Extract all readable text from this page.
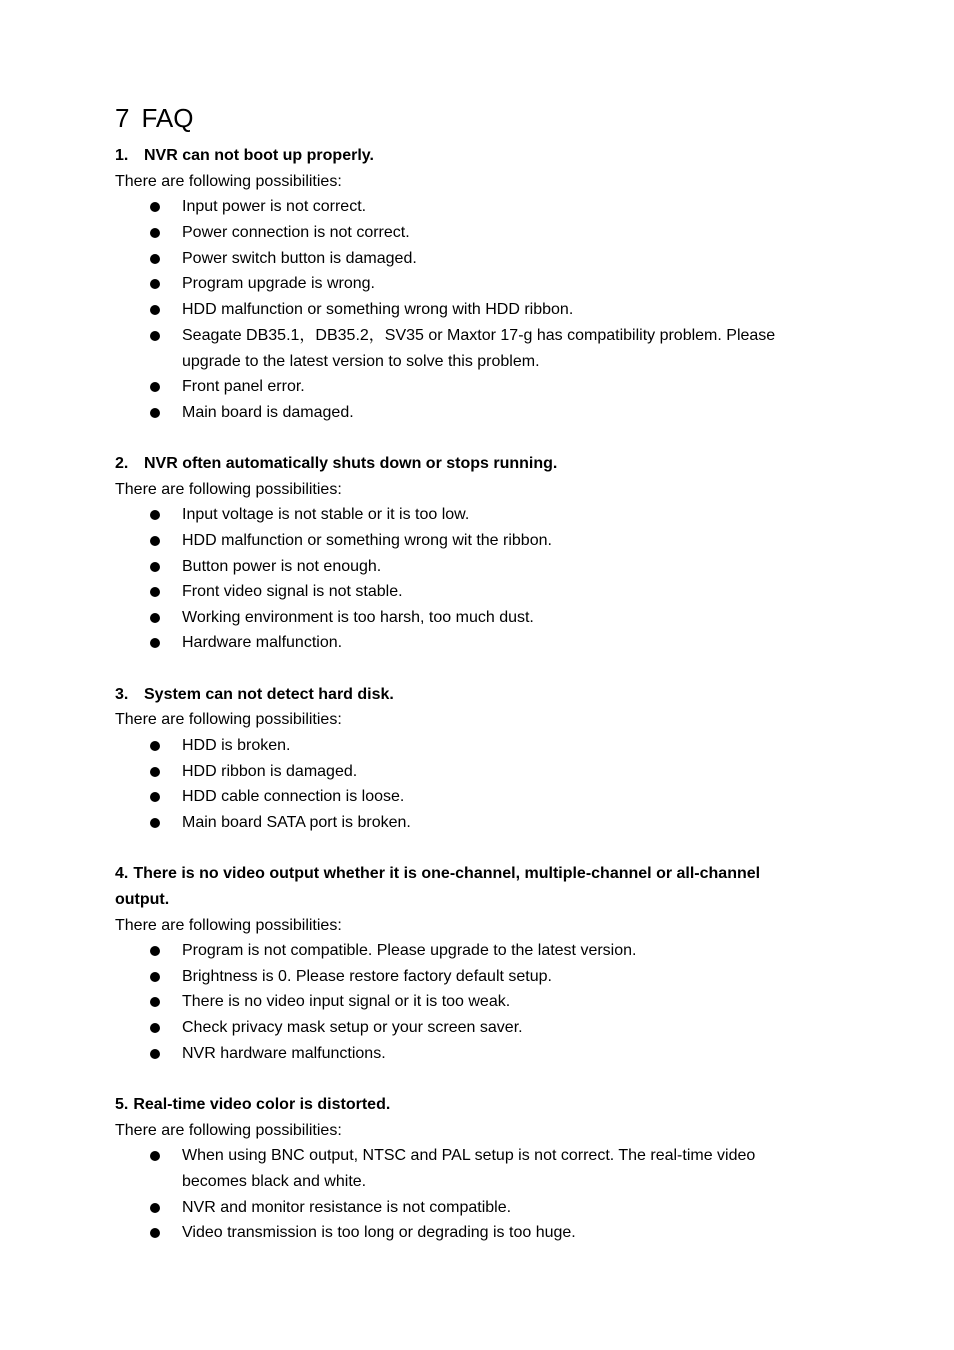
7 FAQ

1. NVR can not boot up properly.

There are following possibilities:

Input power is not correct.

Power connection is not correct.

Power switch button is damaged.

Program upgrade is wrong.

HDD malfunction or something wrong with HDD ribbon.

Seagate DB35.1，DB35.2，SV35 or Maxtor 17-g has compatibility problem. Please upgrade to the latest version to solve this problem.

Front panel error.

Main board is damaged.

2. NVR often automatically shuts down or stops running.

There are following possibilities:

Input voltage is not stable or it is too low.

HDD malfunction or something wrong wit the ribbon.

Button power is not enough.

Front video signal is not stable.

Working environment is too harsh, too much dust.

Hardware malfunction.

3. System can not detect hard disk.

There are following possibilities:

HDD is broken.

HDD ribbon is damaged.

HDD cable connection is loose.

Main board SATA port is broken.

4. There is no video output whether it is one-channel, multiple-channel or all-channel output.

There are following possibilities:

Program is not compatible. Please upgrade to the latest version.

Brightness is 0. Please restore factory default setup.

There is no video input signal or it is too weak.

Check privacy mask setup or your screen saver.

NVR hardware malfunctions.

5. Real-time video color is distorted.

There are following possibilities:

When using BNC output, NTSC and PAL setup is not correct. The real-time video becomes black and white.

NVR and monitor resistance is not compatible.

Video transmission is too long or degrading is too huge.
